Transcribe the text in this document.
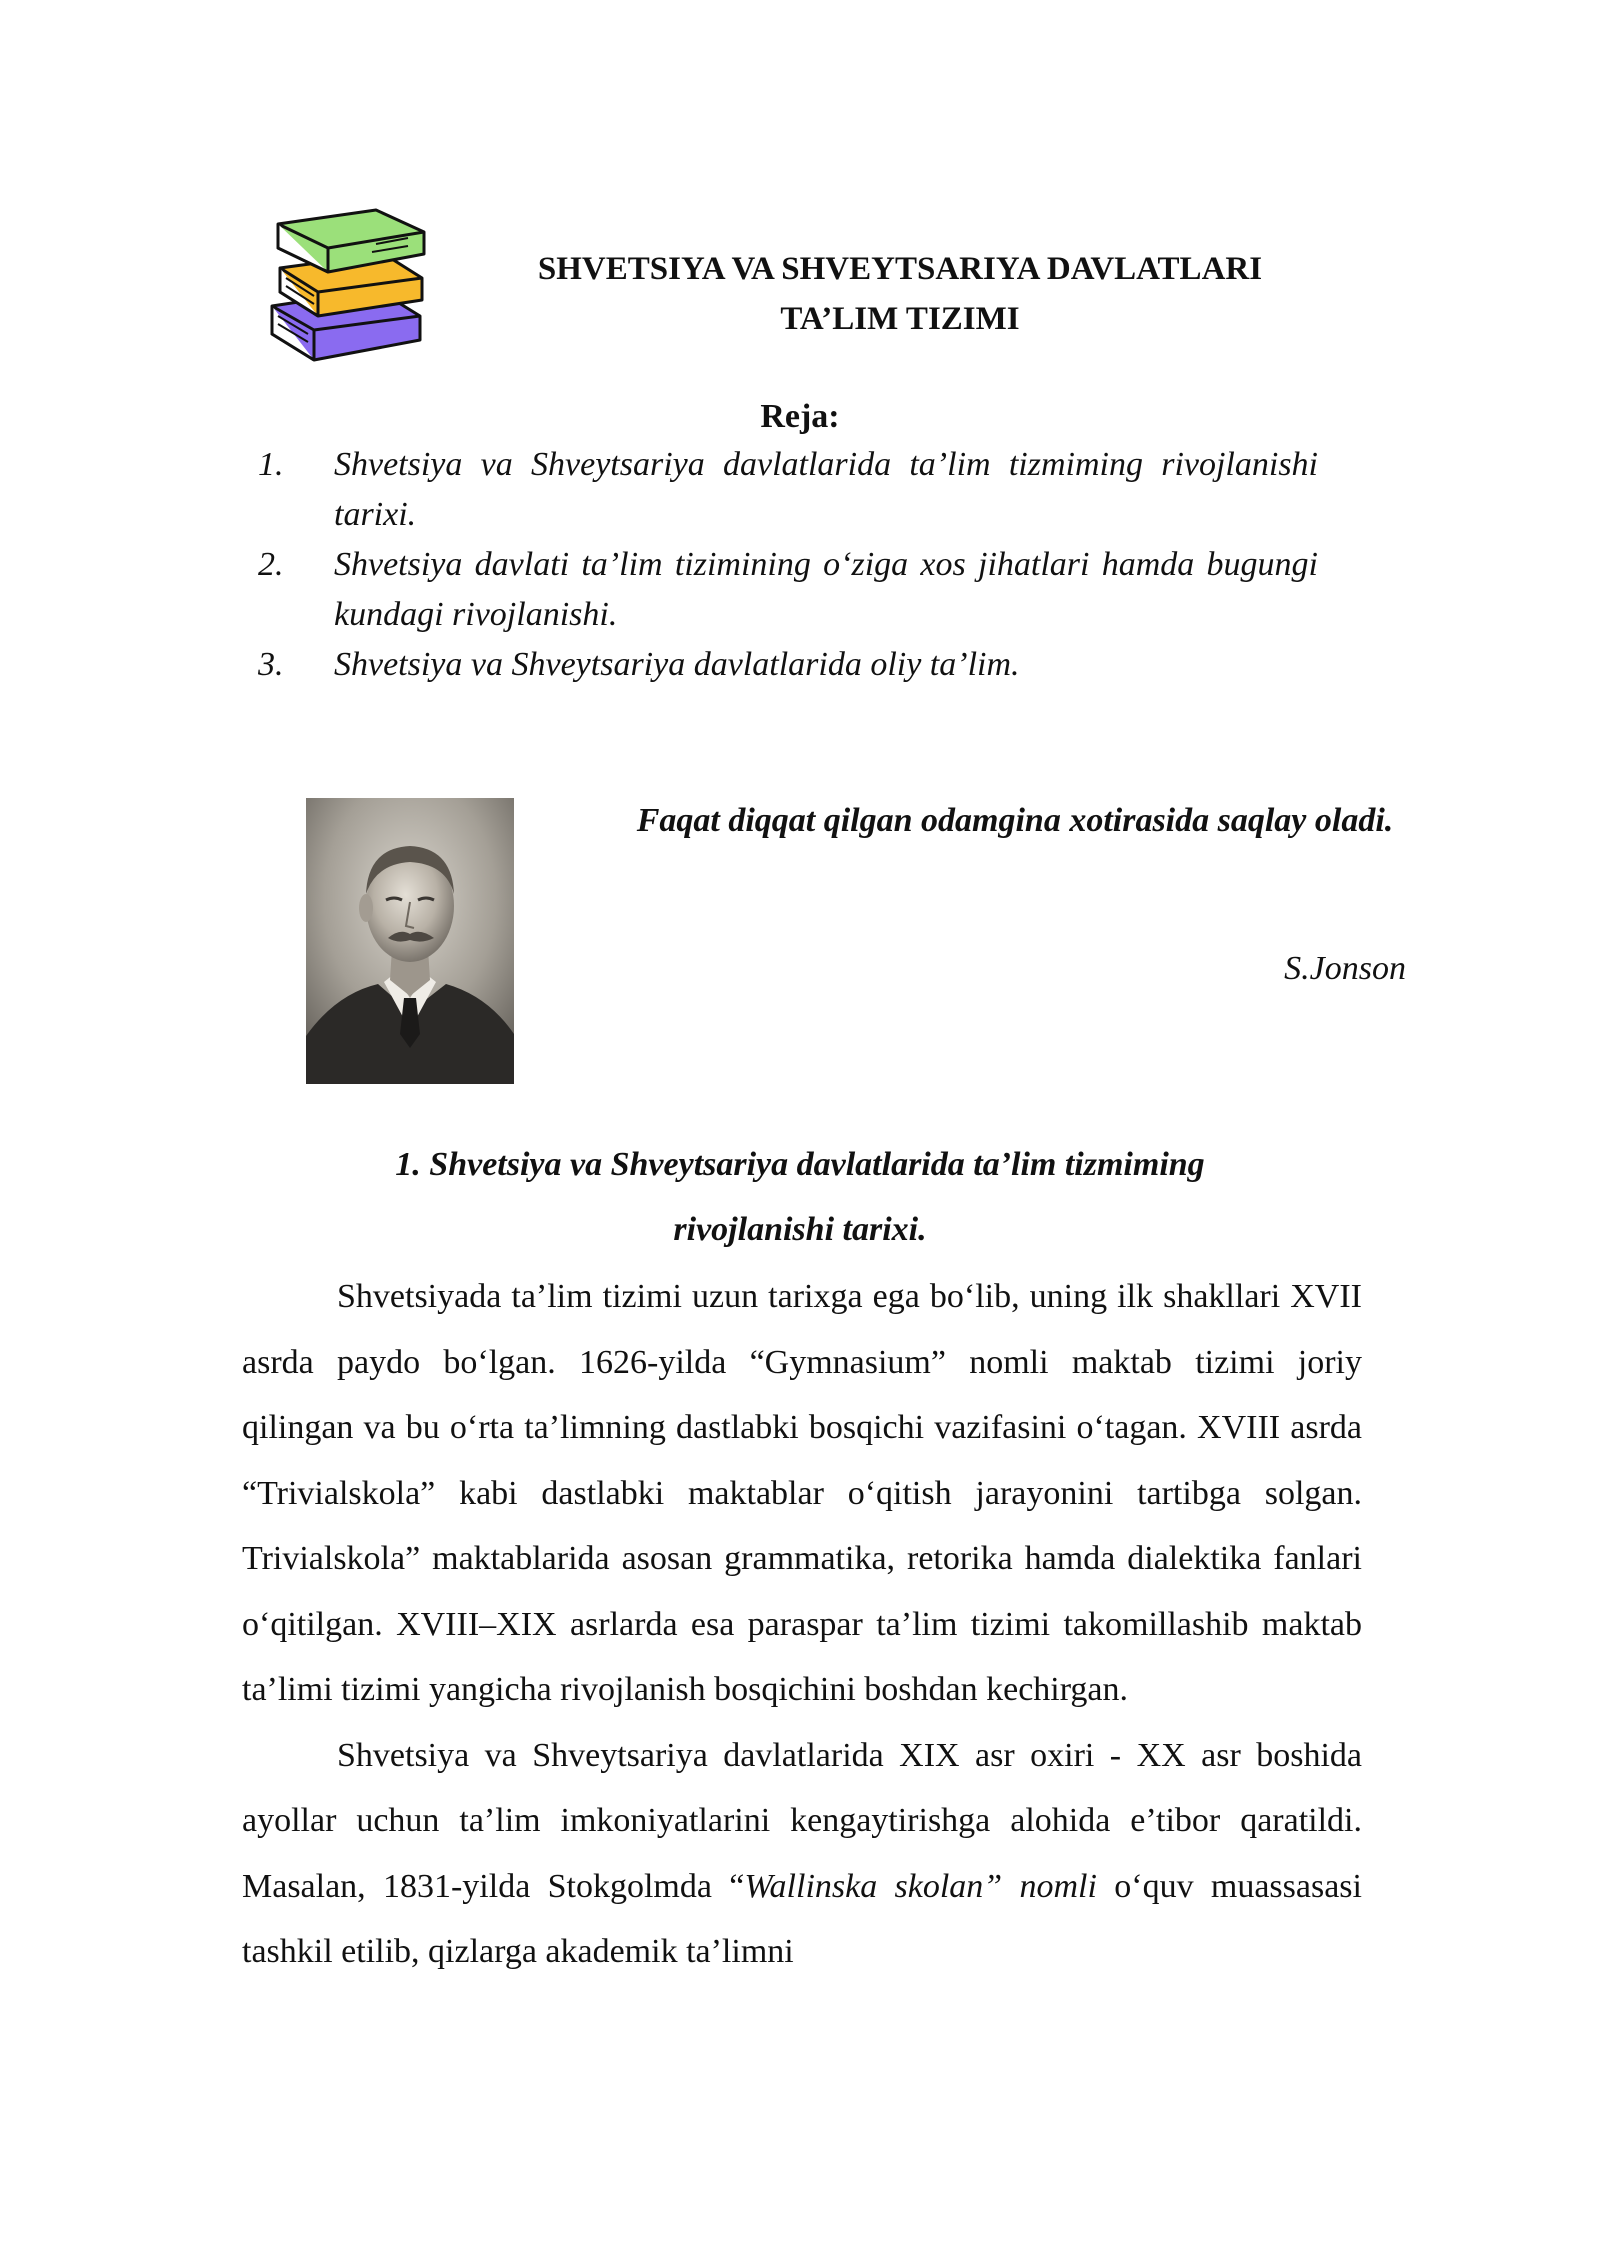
SHVETSIYA VA SHVEYTSARIYA DAVLATLARI
TA’LIM TIZIMI
Reja:
1. Shvetsiya va Shveytsariya davlatlarida ta’lim tizmiming rivojlanishi tarixi.
2. Shvetsiya davlati ta’lim tizimining o‘ziga xos jihatlari hamda bugungi kundagi rivojlanishi.
3. Shvetsiya va Shveytsariya davlatlarida oliy ta’lim.
Faqat diqqat qilgan odamgina xotirasida saqlay oladi.
S.Jonson
1. Shvetsiya va Shveytsariya davlatlarida ta’lim tizmiming
rivojlanishi tarixi.

Shvetsiyada ta’lim tizimi uzun tarixga ega bo‘lib, uning ilk shakllari XVII asrda paydo bo‘lgan. 1626-yilda “Gymnasium” nomli maktab tizimi joriy qilingan va bu o‘rta ta’limning dastlabki bosqichi vazifasini o‘tagan. XVIII asrda “Trivialskola” kabi dastlabki maktablar o‘qitish jarayonini tartibga solgan. Trivialskola” maktablarida asosan grammatika, retorika hamda dialektika fanlari o‘qitilgan. XVIII–XIX asrlarda esa paraspar ta’lim tizimi takomillashib maktab ta’limi tizimi yangicha rivojlanish bosqichini boshdan kechirgan.

Shvetsiya va Shveytsariya davlatlarida XIX asr oxiri - XX asr boshida ayollar uchun ta’lim imkoniyatlarini kengaytirishga alohida e’tibor qaratildi. Masalan, 1831-yilda Stokgolmda “Wallinska skolan” nomli o‘quv muassasasi tashkil etilib, qizlarga akademik ta’limni
